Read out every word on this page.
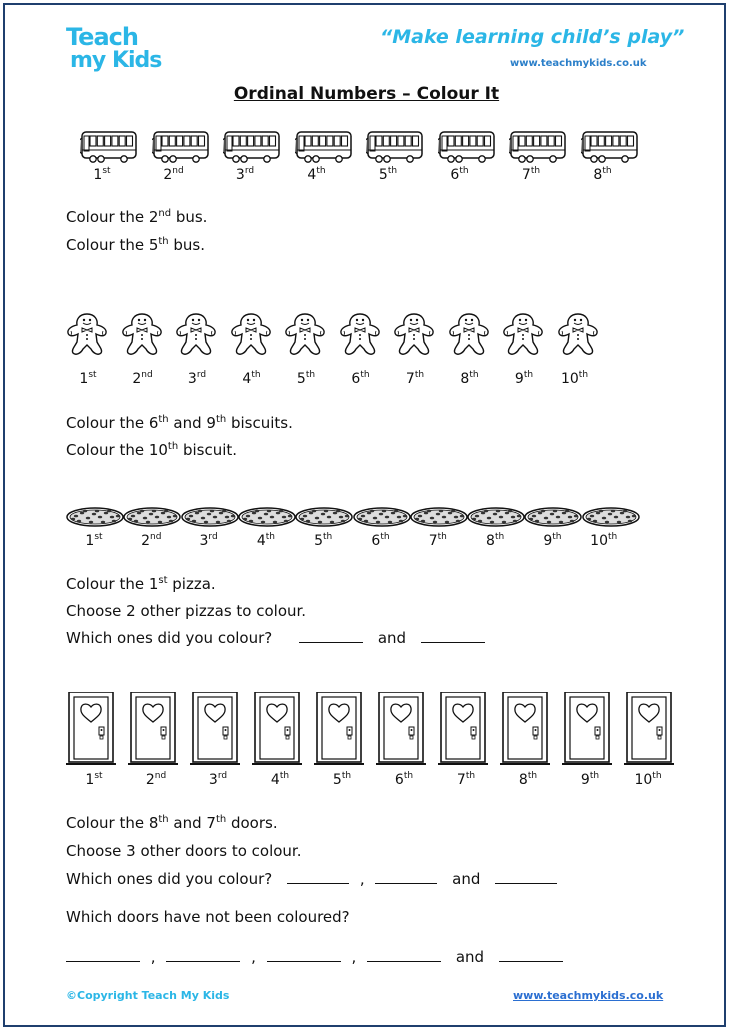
Teach
my Kids
“Make learning child’s play”
www.teachmykids.co.uk
Ordinal Numbers – Colour It
Colour the 2nd bus.
Colour the 5th bus.
Colour the 6th and 9th biscuits.
Colour the 10th biscuit.
Colour the 1st pizza.
Choose 2 other pizzas to colour.
Which ones did you colour?	and
Colour the 8th and 7th doors.
Choose 3 other doors to colour.
Which ones did you colour?	,	and
Which doors have not been coloured?
,	,	,	and
©Copyright Teach My Kids	www.teachmykids.co.uk
1st	2nd	3rd	4th	5th	6th	7th	8th
1st	2nd	3rd	4th	5th	6th	7th	8th	9th	10th
1st	2nd	3rd	4th	5th	6th	7th	8th	9th	10th
1st	2nd	3rd	4th	5th	6th	7th	8th	9th	10th
